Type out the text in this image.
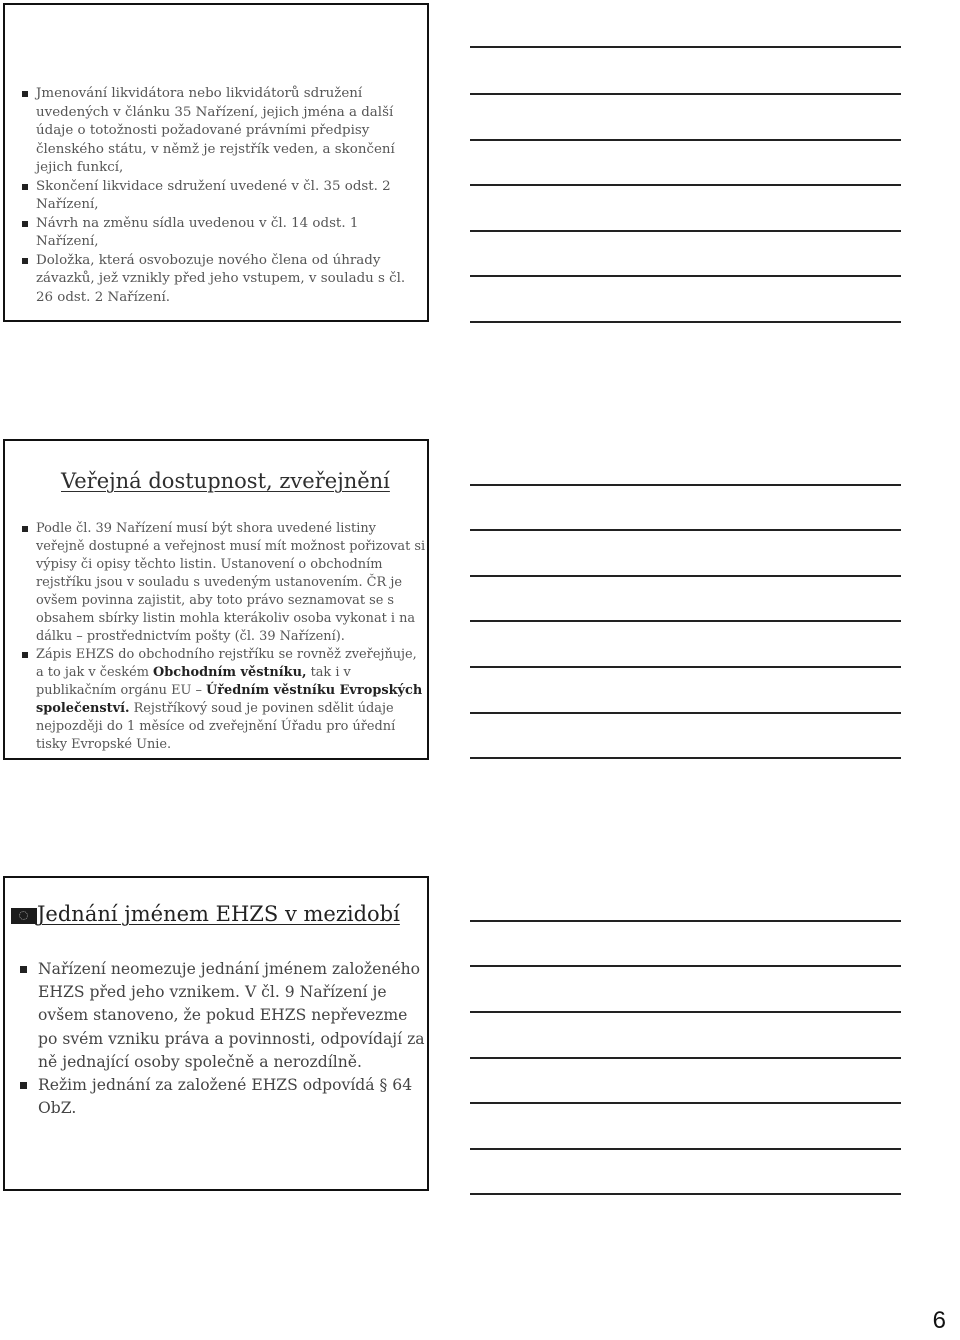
Jmenování likvidátora nebo likvidátorů sdružení uvedených v článku 35 Nařízení, jejich jména a další údaje o totožnosti požadované právními předpisy členského státu, v němž je rejstřík veden, a skončení jejich funkcí,
Skončení likvidace sdružení uvedené v čl. 35 odst. 2 Nařízení,
Návrh na změnu sídla uvedenou v čl. 14 odst. 1 Nařízení,
Doložka, která osvobozuje nového člena od úhrady závazků, jež vznikly před jeho vstupem, v souladu s čl. 26 odst. 2 Nařízení.
Veřejná dostupnost, zveřejnění
Podle čl. 39 Nařízení musí být shora uvedené listiny veřejně dostupné a veřejnost musí mít možnost pořizovat si výpisy či opisy těchto listin. Ustanovení o obchodním rejstříku jsou v souladu s uvedeným ustanovením. ČR je ovšem povinna zajistit, aby toto právo seznamovat se s obsahem sbírky listin mohla kterákoliv osoba vykonat i na dálku – prostřednictvím pošty (čl. 39 Nařízení).
Zápis EHZS do obchodního rejstříku se rovněž zveřejňuje, a to jak v českém Obchodním věstníku, tak i v publikačním orgánu EU – Úředním věstníku Evropských společenství. Rejstříkový soud je povinen sdělit údaje nejpozději do 1 měsíce od zveřejnění Úřadu pro úřední tisky Evropské Unie.
Jednání jménem EHZS v mezidobí
Nařízení neomezuje jednání jménem založeného EHZS před jeho vznikem. V čl. 9 Nařízení je ovšem stanoveno, že pokud EHZS nepřevezme po svém vzniku práva a povinnosti, odpovídají za ně jednající osoby společně a nerozdílně.
Režim jednání za založené EHZS odpovídá § 64 ObZ.
6
